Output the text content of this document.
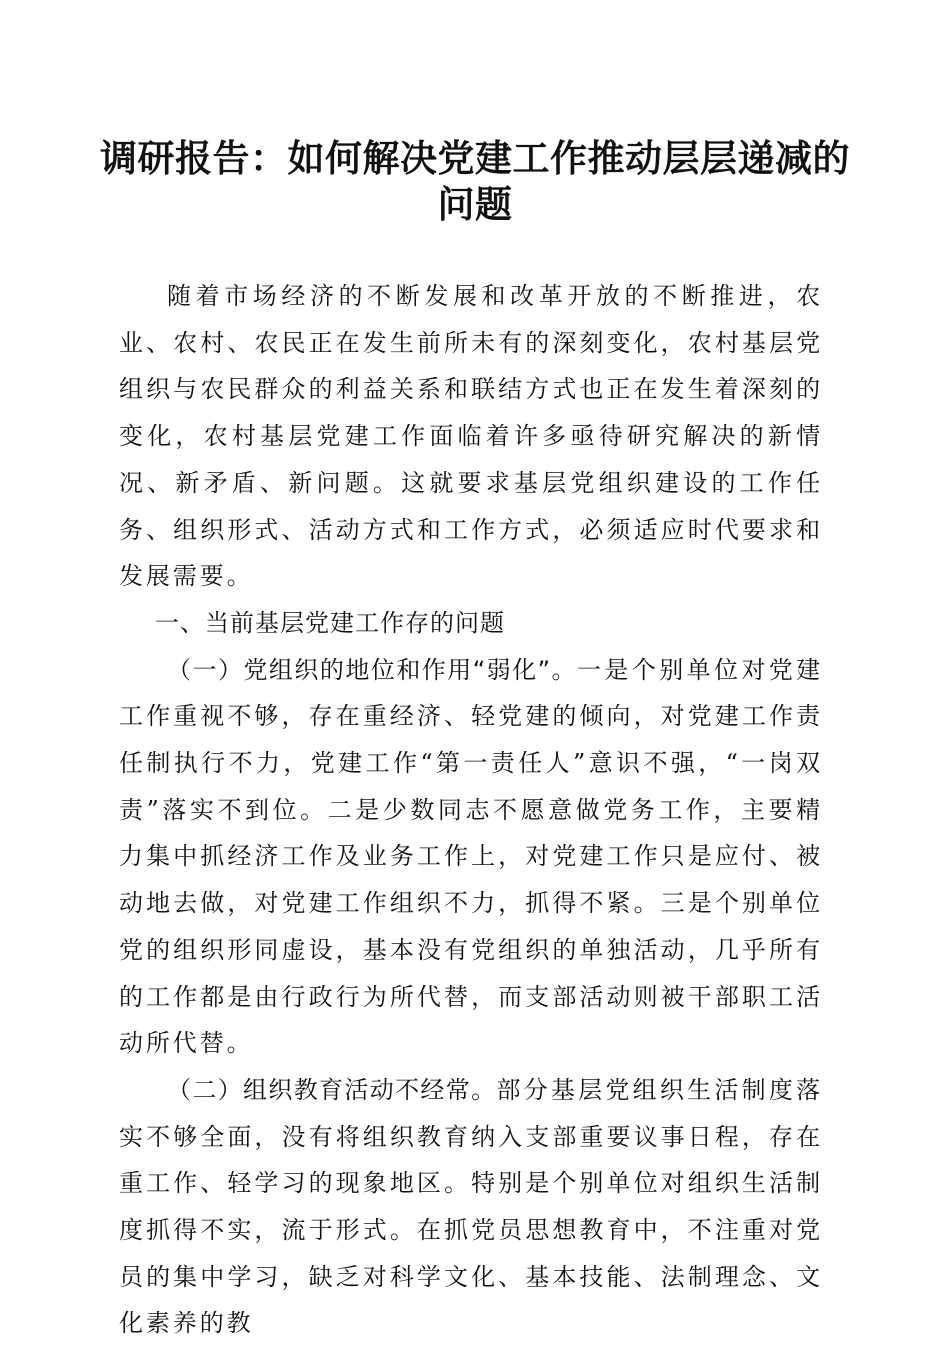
调研报告：如何解决党建工作推动层层递减的问题

随着市场经济的不断发展和改革开放的不断推进，农业、农村、农民正在发生前所未有的深刻变化，农村基层党组织与农民群众的利益关系和联结方式也正在发生着深刻的变化，农村基层党建工作面临着许多亟待研究解决的新情况、新矛盾、新问题。这就要求基层党组织建设的工作任务、组织形式、活动方式和工作方式，必须适应时代要求和发展需要。

一、当前基层党建工作存的问题

（一）党组织的地位和作用“弱化”。一是个别单位对党建工作重视不够，存在重经济、轻党建的倾向，对党建工作责任制执行不力，党建工作“第一责任人”意识不强，“一岗双责”落实不到位。二是少数同志不愿意做党务工作，主要精力集中抓经济工作及业务工作上，对党建工作只是应付、被动地去做，对党建工作组织不力，抓得不紧。三是个别单位党的组织形同虚设，基本没有党组织的单独活动，几乎所有的工作都是由行政行为所代替，而支部活动则被干部职工活动所代替。

（二）组织教育活动不经常。部分基层党组织生活制度落实不够全面，没有将组织教育纳入支部重要议事日程，存在重工作、轻学习的现象地区。特别是个别单位对组织生活制度抓得不实，流于形式。在抓党员思想教育中，不注重对党员的集中学习，缺乏对科学文化、基本技能、法制理念、文化素养的教
